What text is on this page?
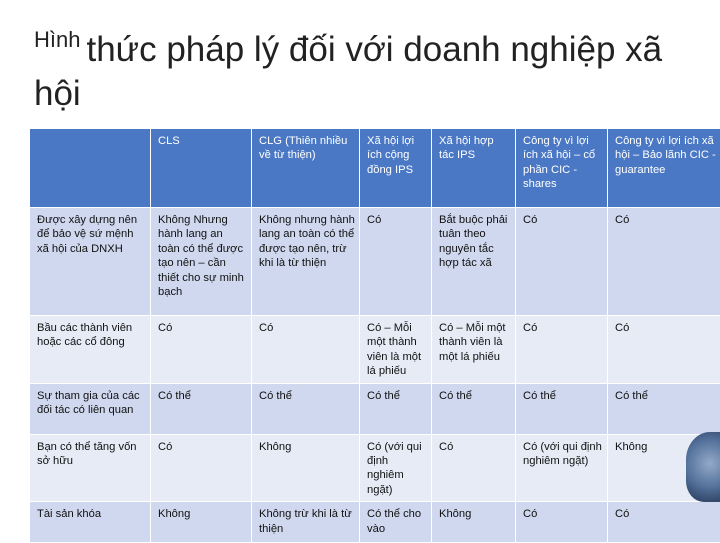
$^{Hình}$ thức pháp lý đối với doanh nghiệp xã hội
	CLS	CLG (Thiên nhiều về từ thiện)	Xã hội lợi ích cộng đồng IPS	Xã hội hợp tác IPS	Công ty vì lợi ích xã hội – cổ phần CIC - shares	Công ty vì lợi ích xã hội – Bảo lãnh CIC - guarantee
Được xây dựng nên để bảo vệ sứ mệnh xã hội của DNXH	Không Nhưng hành lang an toàn có thể được tạo nên – cần thiết cho sự minh bạch	Không nhưng hành lang an toàn có thể được tạo nên, trừ khi là từ thiện	Có	Bắt buộc phải tuân theo nguyên tắc hợp tác xã	Có	Có
Bầu các thành viên hoặc các cổ đông	Có	Có	Có – Mỗi một thành viên là một lá phiếu	Có – Mỗi một thành viên là một lá phiếu	Có	Có
Sự tham gia của các đối tác có liên quan	Có thể	Có thể	Có thể	Có thể	Có thể	Có thể
Bạn có thể tăng vốn sở hữu	Có	Không	Có (với qui định nghiêm ngặt)	Có	Có (với qui định nghiêm ngặt)	Không
Tài sản khóa	Không	Không trừ khi là từ thiện	Có thể cho vào	Không	Có	Có
